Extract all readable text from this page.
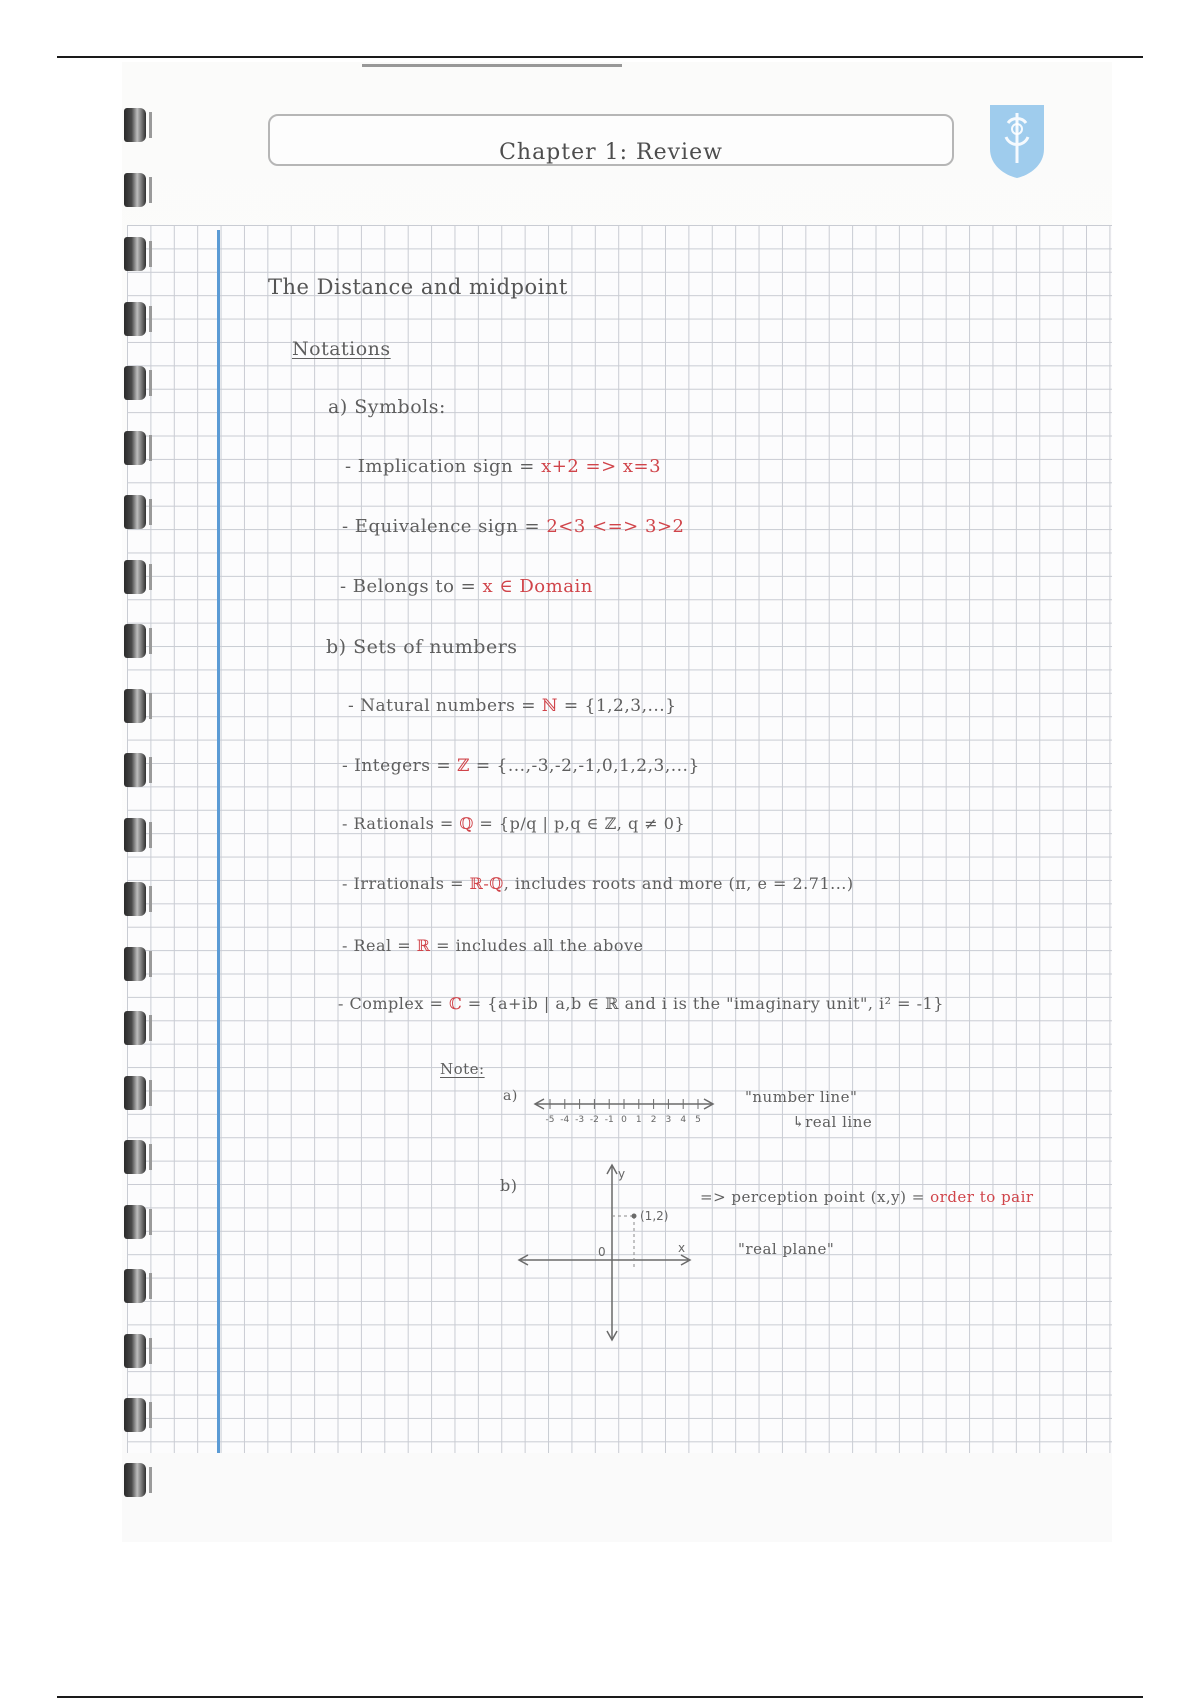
Chapter 1: Review
The Distance and midpoint
Notations
a) Symbols:
- Implication sign = x+2 => x=3
- Equivalence sign = 2<3 <=> 3>2
- Belongs to = x ∈ Domain
b) Sets of numbers
- Natural numbers = ℕ = {1,2,3,...}
- Integers = ℤ = {...,-3,-2,-1,0,1,2,3,...}
- Rationals = ℚ = {p/q | p,q ∈ ℤ, q ≠ 0}
- Irrationals = ℝ-ℚ, includes roots and more (π, e = 2.71...)
- Real = ℝ = includes all the above
- Complex = ℂ = {a+ib | a,b ∈ ℝ and i is the "imaginary unit", i² = -1}
Note:
a)
b)
"number line"
↳real line
=> perception point (x,y) = order to pair
"real plane"
-5 -4 -3 -2 -1 0 1 2 3 4 5
(1,2)
y
x
0
